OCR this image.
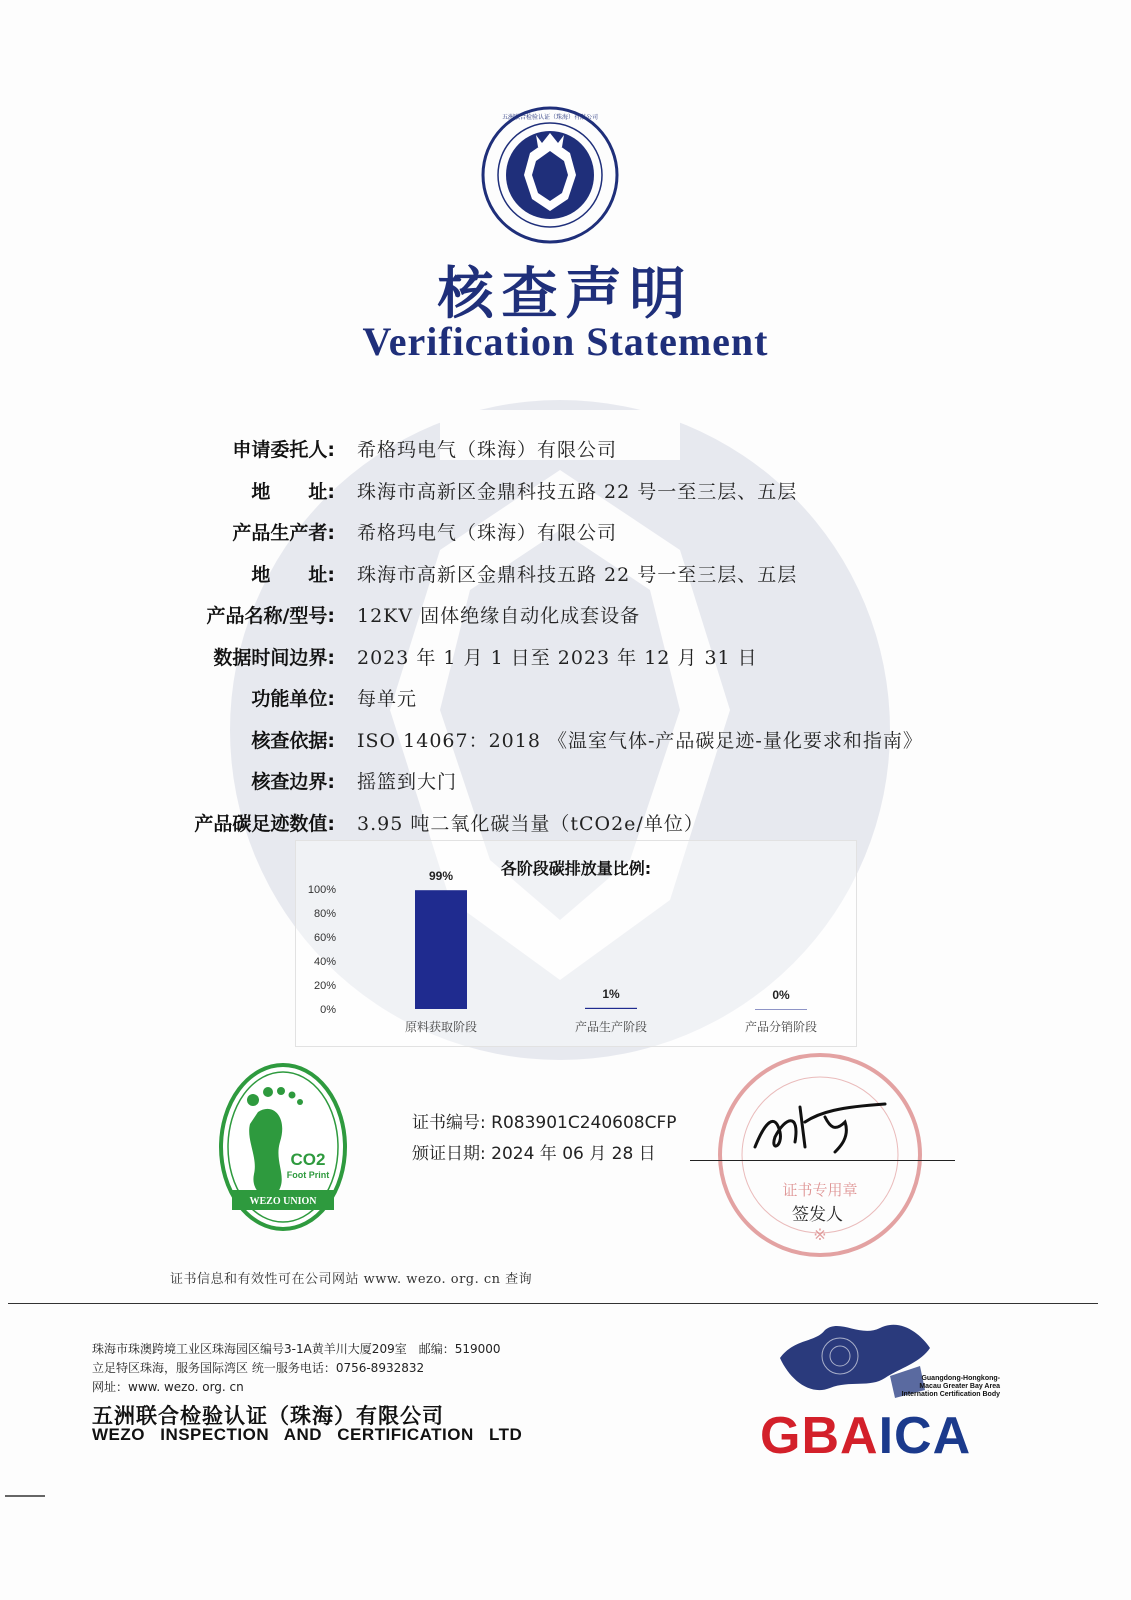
五洲联合检验认证（珠海）有限公司
核查声明
Verification Statement
申请委托人: 希格玛电气（珠海）有限公司
地　　址: 珠海市高新区金鼎科技五路 22 号一至三层、五层
产品生产者: 希格玛电气（珠海）有限公司
地　　址: 珠海市高新区金鼎科技五路 22 号一至三层、五层
产品名称/型号: 12KV 固体绝缘自动化成套设备
数据时间边界: 2023 年 1 月 1 日至 2023 年 12 月 31 日
功能单位: 每单元
核查依据: ISO 14067：2018 《温室气体-产品碳足迹-量化要求和指南》
核查边界: 摇篮到大门
产品碳足迹数值: 3.95 吨二氧化碳当量（tCO2e/单位）
各阶段碳排放量比例:
100%
80%
60%
40%
20%
0%
99%
原料获取阶段
1%
产品生产阶段
0%
产品分销阶段
CO2
Foot Print
WEZO UNION
证书编号: R083901C240608CFP
颁证日期: 2024 年 06 月 28 日
※
证书专用章
签发人
证书信息和有效性可在公司网站 www. wezo. org. cn 查询
珠海市珠澳跨境工业区珠海园区编号3-1A黄羊川大厦209室　邮编：519000
立足特区珠海，服务国际湾区 统一服务电话：0756-8932832
网址：www. wezo. org. cn
五洲联合检验认证（珠海）有限公司
WEZO INSPECTION AND CERTIFICATION LTD
Guangdong-Hongkong-
Macau Greater Bay Area
Internation Certification Body
GBAICA
